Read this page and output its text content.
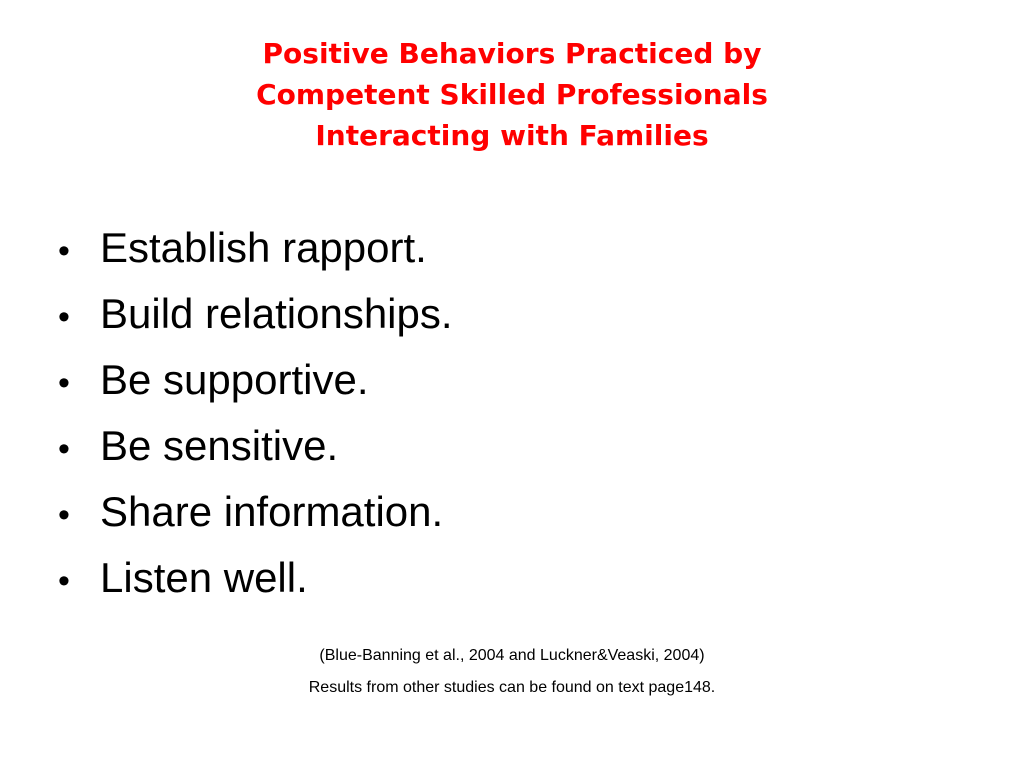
Positive Behaviors Practiced by
Competent Skilled Professionals
Interacting with Families
• Establish rapport.
• Build relationships.
• Be supportive.
• Be sensitive.
• Share information.
• Listen well.
(Blue-Banning et al., 2004 and Luckner&Veaski, 2004)
Results from other studies can be found on text page148.
